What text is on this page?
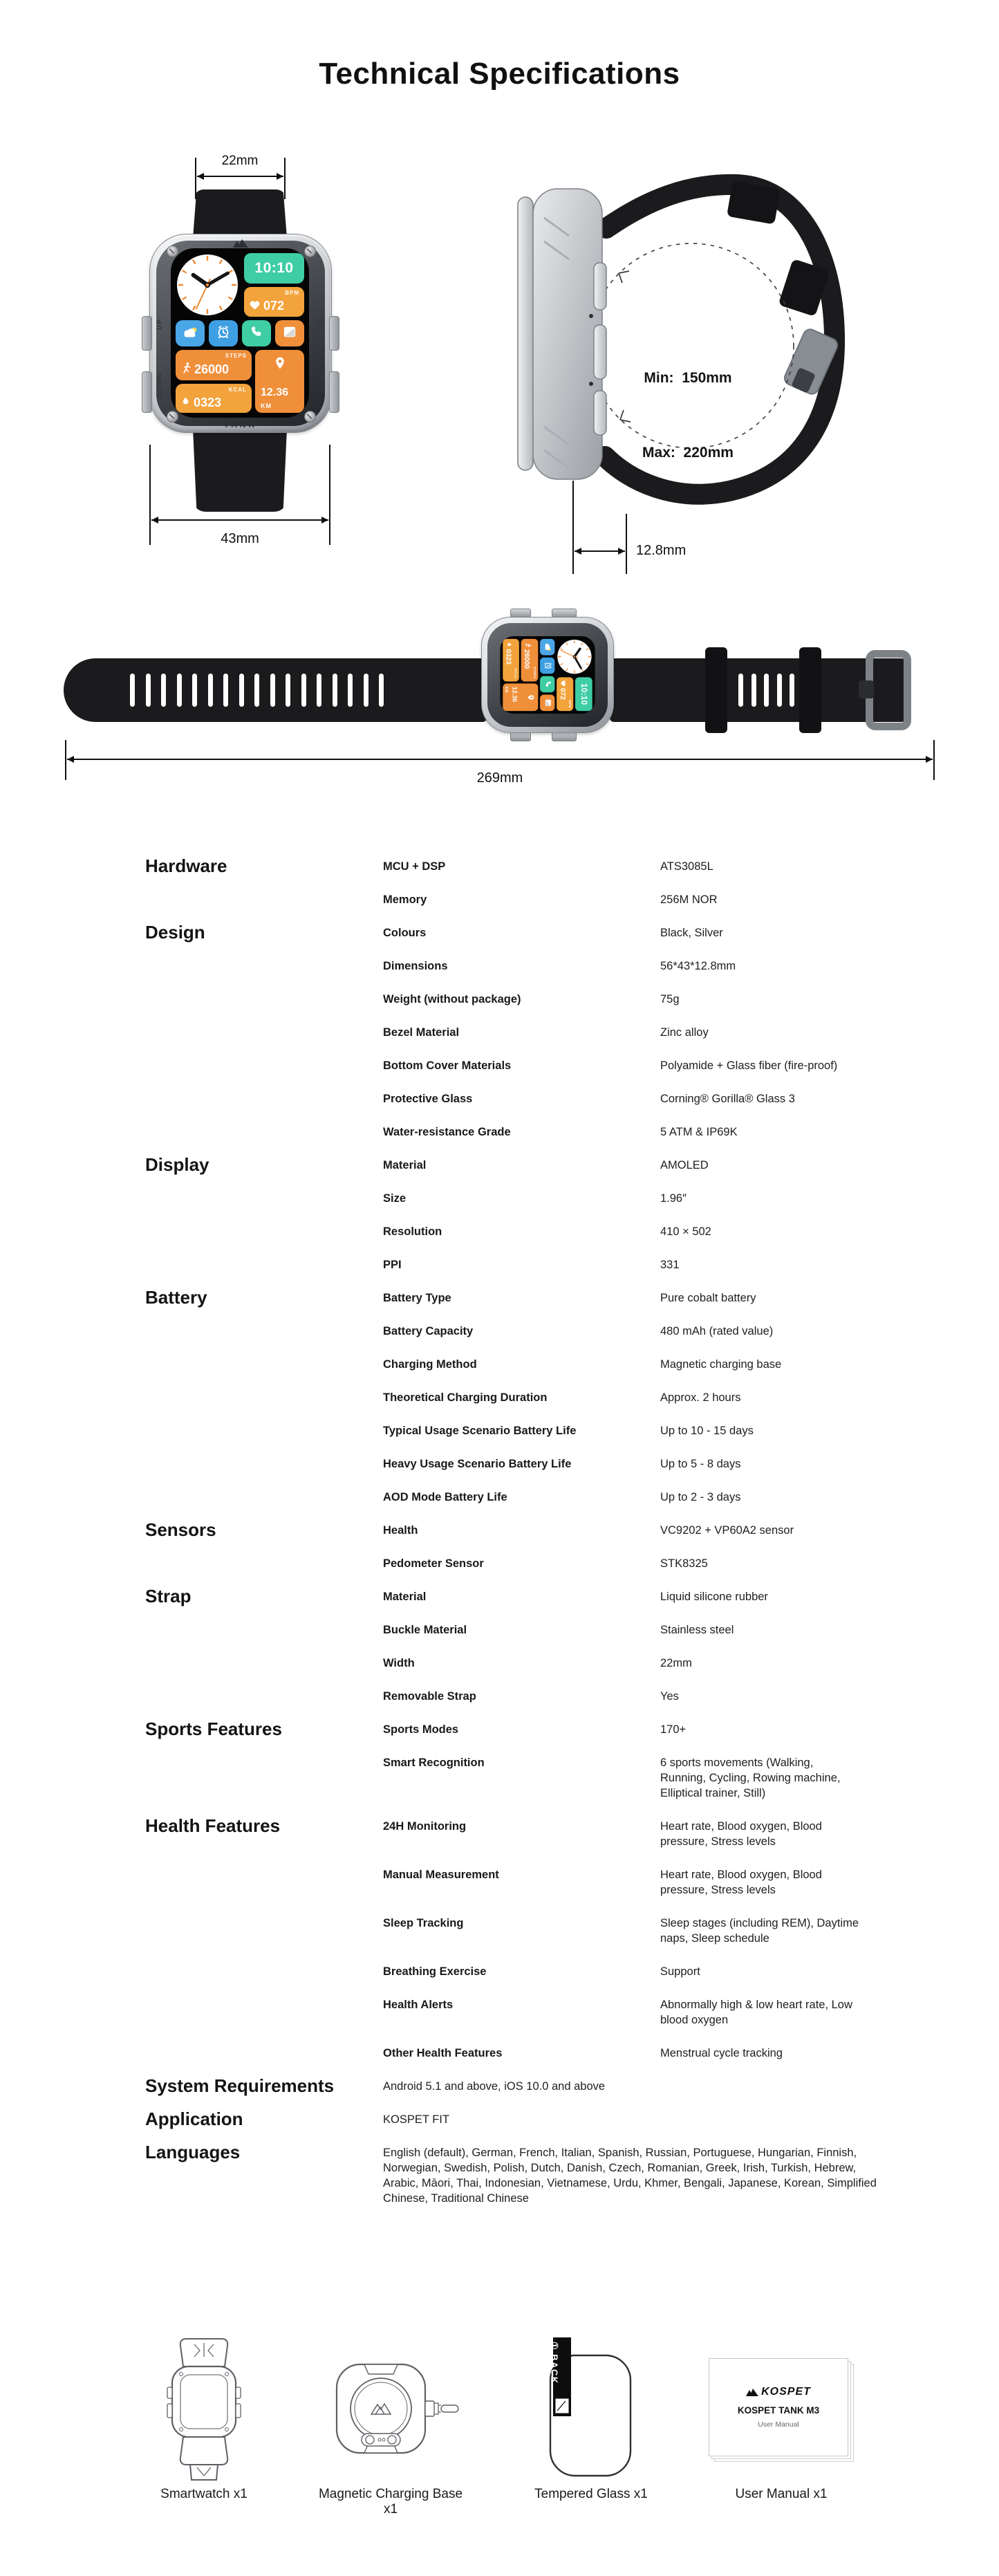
Technical Specifications
22mm
UP
DOWN
SEL
BACK
TANK
10:10
BPM
072
STEPS
26000
12.36
KM
KCAL
0323
43mm

Min:  150mm

Max:  220mm

12.8mm
10:10
BPM
072
STEPS
26000
12.36
KM
KCAL
0323
269mm
Hardware	MCU + DSP	ATS3085L
Memory	256M NOR
Design	Colours	Black, Silver
Dimensions	56*43*12.8mm
Weight (without package)	75g
Bezel Material	Zinc alloy
Bottom Cover Materials	Polyamide + Glass fiber (fire-proof)
Protective Glass	Corning® Gorilla® Glass 3
Water-resistance Grade	5 ATM & IP69K
Display	Material	AMOLED
Size	1.96″
Resolution	410 × 502
PPI	331
Battery	Battery Type	Pure cobalt battery
Battery Capacity	480 mAh (rated value)
Charging Method	Magnetic charging base
Theoretical Charging Duration	Approx. 2 hours
Typical Usage Scenario Battery Life	Up to 10 - 15 days
Heavy Usage Scenario Battery Life	Up to 5 - 8 days
AOD Mode Battery Life	Up to 2 - 3 days
Sensors	Health	VC9202 + VP60A2 sensor
Pedometer Sensor	STK8325
Strap	Material	Liquid silicone rubber
Buckle Material	Stainless steel
Width	22mm
Removable Strap	Yes
Sports Features	Sports Modes	170+
Smart Recognition	6 sports movements (Walking, Running, Cycling, Rowing machine, Elliptical trainer, Still)
Health Features	24H Monitoring	Heart rate, Blood oxygen, Blood pressure, Stress levels
Manual Measurement	Heart rate, Blood oxygen, Blood pressure, Stress levels
Sleep Tracking	Sleep stages (including REM), Daytime naps, Sleep schedule
Breathing Exercise	Support
Health Alerts	Abnormally high & low heart rate, Low blood oxygen
Other Health Features	Menstrual cycle tracking
System Requirements	Android 5.1 and above, iOS 10.0 and above
Application	KOSPET FIT
Languages	English (default), German, French, Italian, Spanish, Russian, Portuguese, Hungarian, Finnish, Norwegian, Swedish, Polish, Dutch, Danish, Czech, Romanian, Greek, Irish, Turkish, Hebrew, Arabic, Māori, Thai, Indonesian, Vietnamese, Urdu, Khmer, Bengali, Japanese, Korean, Simplified Chinese, Traditional Chinese
Smartwatch x1	Magnetic Charging Base x1
① BACK
Tempered Glass x1
KOSPET
KOSPET TANK M3
User Manual
User Manual x1
